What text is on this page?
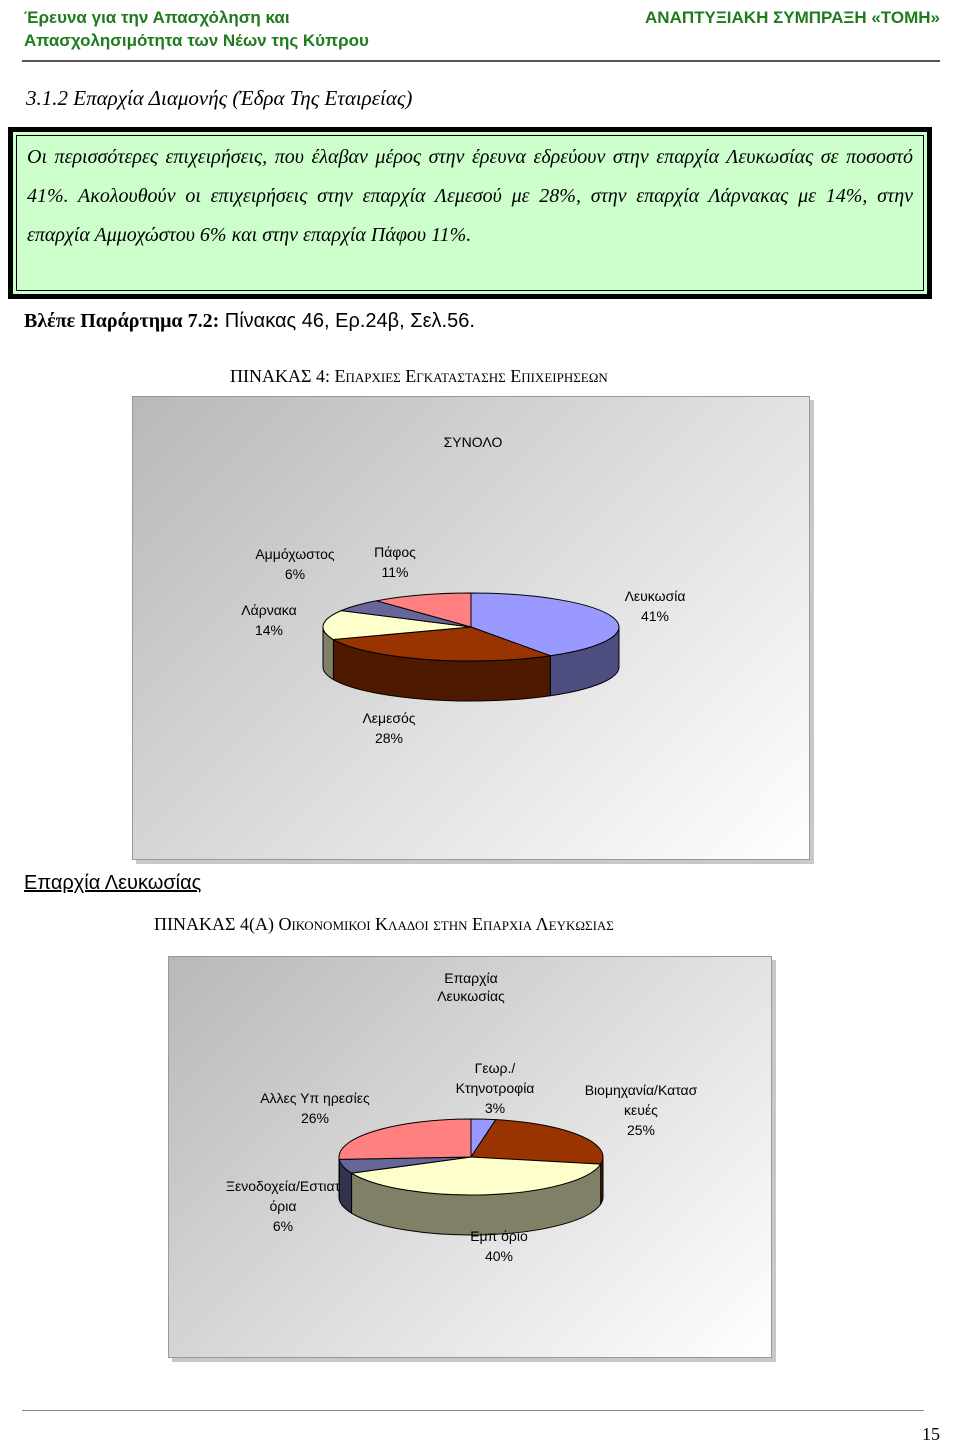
Έρευνα για την Απασχόληση και
Απασχολησιμότητα των Νέων της Κύπρου
ΑΝΑΠΤΥΞΙΑΚΗ ΣΥΜΠΡΑΞΗ «ΤΟΜΗ»
3.1.2 Επαρχία Διαμονής (Έδρα Της Εταιρείας)

Οι περισσότερες επιχειρήσεις, που έλαβαν μέρος στην έρευνα εδρεύουν στην επαρχία Λευκωσίας σε ποσοστό 41%. Ακολουθούν οι επιχειρήσεις στην επαρχία Λεμεσού με 28%, στην επαρχία Λάρνακας με 14%, στην επαρχία Αμμοχώστου 6% και στην επαρχία Πάφου 11%.

Βλέπε Παράρτημα 7.2: Πίνακας 46, Ερ.24β, Σελ.56.
ΠΙΝΑΚΑΣ 4: Επαρχιες Εγκαταστασης Επιχειρησεων
ΣΥΝΟΛΟ
Λευκωσία
41%
Λεμεσός
28%
Λάρνακα
14%
Αμμόχωστος
6%
Πάφος
11%
Επαρχία Λευκωσίας
ΠΙΝΑΚΑΣ 4(Α) Οικονομικοι Κλαδοι στην Επαρχια Λευκωσιας
Επαρχία
Λευκωσίας
Γεωρ./
Κτηνοτροφία
3%
Βιομηχανία/Κατασ
κευές
25%
Εμπ όριο
40%
Ξενοδοχεία/Εστιατ
όρια
6%
Αλλες Υπ ηρεσίες
26%
15
